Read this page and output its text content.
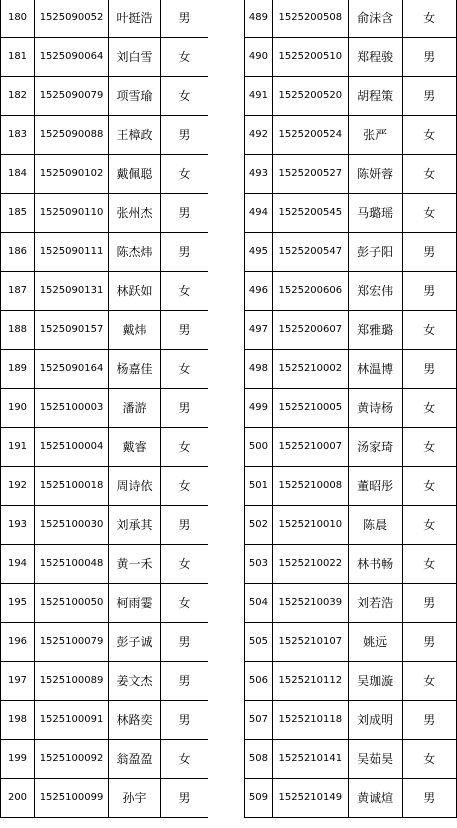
180	1525090052	叶挺浩	男
181	1525090064	刘白雪	女
182	1525090079	项雪瑜	女
183	1525090088	王樟政	男
184	1525090102	戴佩聪	女
185	1525090110	张州杰	男
186	1525090111	陈杰炜	男
187	1525090131	林跃如	女
188	1525090157	戴炜	男
189	1525090164	杨嘉佳	女
190	1525100003	潘游	男
191	1525100004	戴睿	女
192	1525100018	周诗依	女
193	1525100030	刘承其	男
194	1525100048	黄一禾	女
195	1525100050	柯雨霎	女
196	1525100079	彭子诚	男
197	1525100089	姜文杰	男
198	1525100091	林路奕	男
199	1525100092	翁盈盈	女
200	1525100099	孙宇	男
489	1525200508	俞沫含	女
490	1525200510	郑程骏	男
491	1525200520	胡程策	男
492	1525200524	张严	女
493	1525200527	陈妍蓉	女
494	1525200545	马璐瑶	女
495	1525200547	彭子阳	男
496	1525200606	郑宏伟	男
497	1525200607	郑雅璐	女
498	1525210002	林温博	男
499	1525210005	黄诗杨	女
500	1525210007	汤家琦	女
501	1525210008	董昭彤	女
502	1525210010	陈晨	女
503	1525210022	林书畅	女
504	1525210039	刘若浩	男
505	1525210107	姚远	男
506	1525210112	吴珈漩	女
507	1525210118	刘成明	男
508	1525210141	吴茹昊	女
509	1525210149	黄诚煊	男
